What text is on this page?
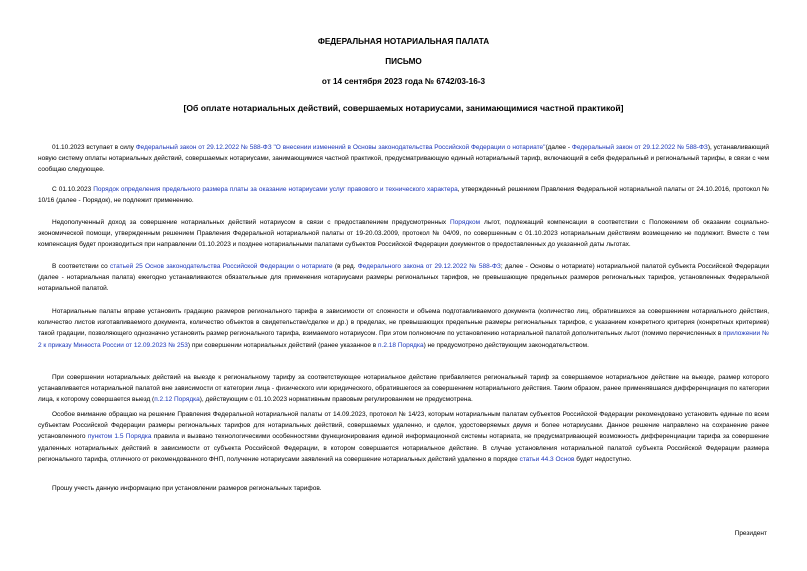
ФЕДЕРАЛЬНАЯ НОТАРИАЛЬНАЯ ПАЛАТА
ПИСЬМО
от 14 сентября 2023 года № 6742/03-16-3
[Об оплате нотариальных действий, совершаемых нотариусами, занимающимися частной практикой]

01.10.2023 вступает в силу Федеральный закон от 29.12.2022 № 588-ФЗ "О внесении изменений в Основы законодательства Российской Федерации о нотариате"(далее - Федеральный закон от 29.12.2022 № 588-ФЗ), устанавливающий новую систему оплаты нотариальных действий, совершаемых нотариусами, занимающимися частной практикой, предусматривающую единый нотариальный тариф, включающий в себя федеральный и региональный тарифы, в связи с чем сообщаю следующее.

С 01.10.2023 Порядок определения предельного размера платы за оказание нотариусами услуг правового и технического характера, утвержденный решением Правления Федеральной нотариальной палаты от 24.10.2016, протокол № 10/16 (далее - Порядок), не подлежит применению.

Недополученный доход за совершение нотариальных действий нотариусом в связи с предоставлением предусмотренных Порядком льгот, подлежащий компенсации в соответствии с Положением об оказании социально-экономической помощи, утвержденным решением Правления Федеральной нотариальной палаты от 19-20.03.2009, протокол № 04/09, по совершенным с 01.10.2023 нотариальным действиям возмещению не подлежит. Вместе с тем компенсация будет производиться при направлении 01.10.2023 и позднее нотариальными палатами субъектов Российской Федерации документов о предоставленных до указанной даты льготах.

В соответствии со статьей 25 Основ законодательства Российской Федерации о нотариате (в ред. Федерального закона от 29.12.2022 № 588-ФЗ; далее - Основы о нотариате) нотариальной палатой субъекта Российской Федерации (далее - нотариальная палата) ежегодно устанавливаются обязательные для применения нотариусами размеры региональных тарифов, не превышающие предельных размеров региональных тарифов, установленных Федеральной нотариальной палатой.

Нотариальные палаты вправе установить градацию размеров регионального тарифа в зависимости от сложности и объема подготавливаемого документа (количество лиц, обратившихся за совершением нотариального действия, количество листов изготавливаемого документа, количество объектов в свидетельстве/сделке и др.) в пределах, не превышающих предельные размеры региональных тарифов, с указанием конкретного критерия (конкретных критериев) такой градации, позволяющего однозначно установить размер регионального тарифа, взимаемого нотариусом. При этом полномочие по установлению нотариальной палатой дополнительных льгот (помимо перечисленных в приложении № 2 к приказу Минюста России от 12.09.2023 № 253) при совершении нотариальных действий (ранее указанное в п.2.18 Порядка) не предусмотрено действующим законодательством.

При совершении нотариальных действий на выезде к региональному тарифу за соответствующее нотариальное действие прибавляется региональный тариф за совершаемое нотариальное действие на выезде, размер которого устанавливается нотариальной палатой вне зависимости от категории лица - физического или юридического, обратившегося за совершением нотариального действия. Таким образом, ранее применявшаяся дифференциация по категории лица, к которому совершается выезд (п.2.12 Порядка), действующим с 01.10.2023 нормативным правовым регулированием не предусмотрена.

Особое внимание обращаю на решение Правления Федеральной нотариальной палаты от 14.09.2023, протокол № 14/23, которым нотариальным палатам субъектов Российской Федерации рекомендовано установить единые по всем субъектам Российской Федерации размеры региональных тарифов для нотариальных действий, совершаемых удаленно, и сделок, удостоверяемых двумя и более нотариусами. Данное решение направлено на сохранение ранее установленного пунктом 1.5 Порядка правила и вызвано технологическими особенностями функционирования единой информационной системы нотариата, не предусматривающей возможность дифференциации тарифа за совершение удаленных нотариальных действий в зависимости от субъекта Российской Федерации, в котором совершается нотариальное действие. В случае установления нотариальной палатой субъекта Российской Федерации размера регионального тарифа, отличного от рекомендованного ФНП, получение нотариусами заявлений на совершение нотариальных действий удаленно в порядке статьи 44.3 Основ будет недоступно.

Прошу учесть данную информацию при установлении размеров региональных тарифов.

Президент
